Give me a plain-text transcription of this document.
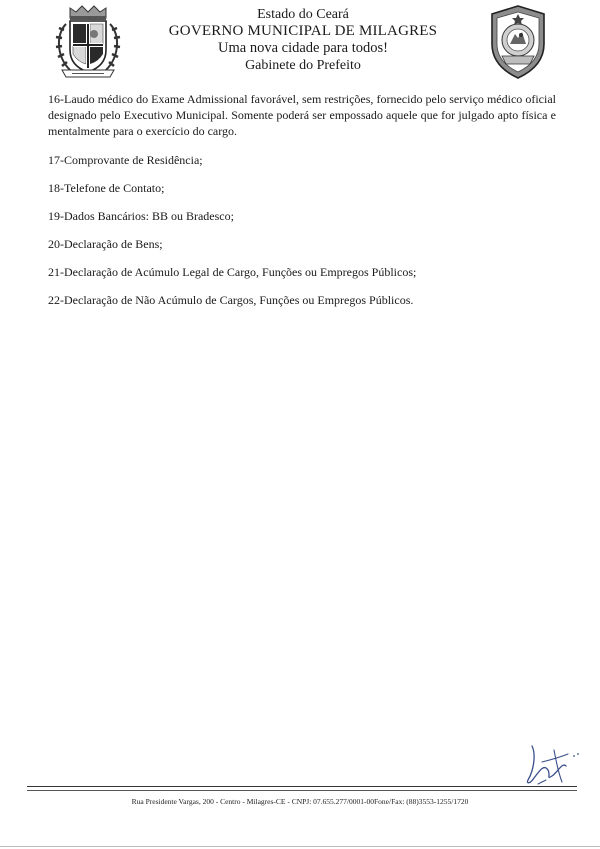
Estado do Ceará
GOVERNO MUNICIPAL DE MILAGRES
Uma nova cidade para todos!
Gabinete do Prefeito

16-Laudo médico do Exame Admissional favorável, sem restrições, fornecido pelo serviço médico oficial designado pelo Executivo Municipal. Somente poderá ser empossado aquele que for julgado apto física e mentalmente para o exercício do cargo.

17-Comprovante de Residência;

18-Telefone de Contato;

19-Dados Bancários: BB ou Bradesco;

20-Declaração de Bens;

21-Declaração de Acúmulo Legal de Cargo, Funções ou Empregos Públicos;

22-Declaração de Não Acúmulo de Cargos, Funções ou Empregos Públicos.

Rua Presidente Vargas, 200 - Centro - Milagres-CE - CNPJ: 07.655.277/0001-00Fone/Fax: (88)3553-1255/1720
